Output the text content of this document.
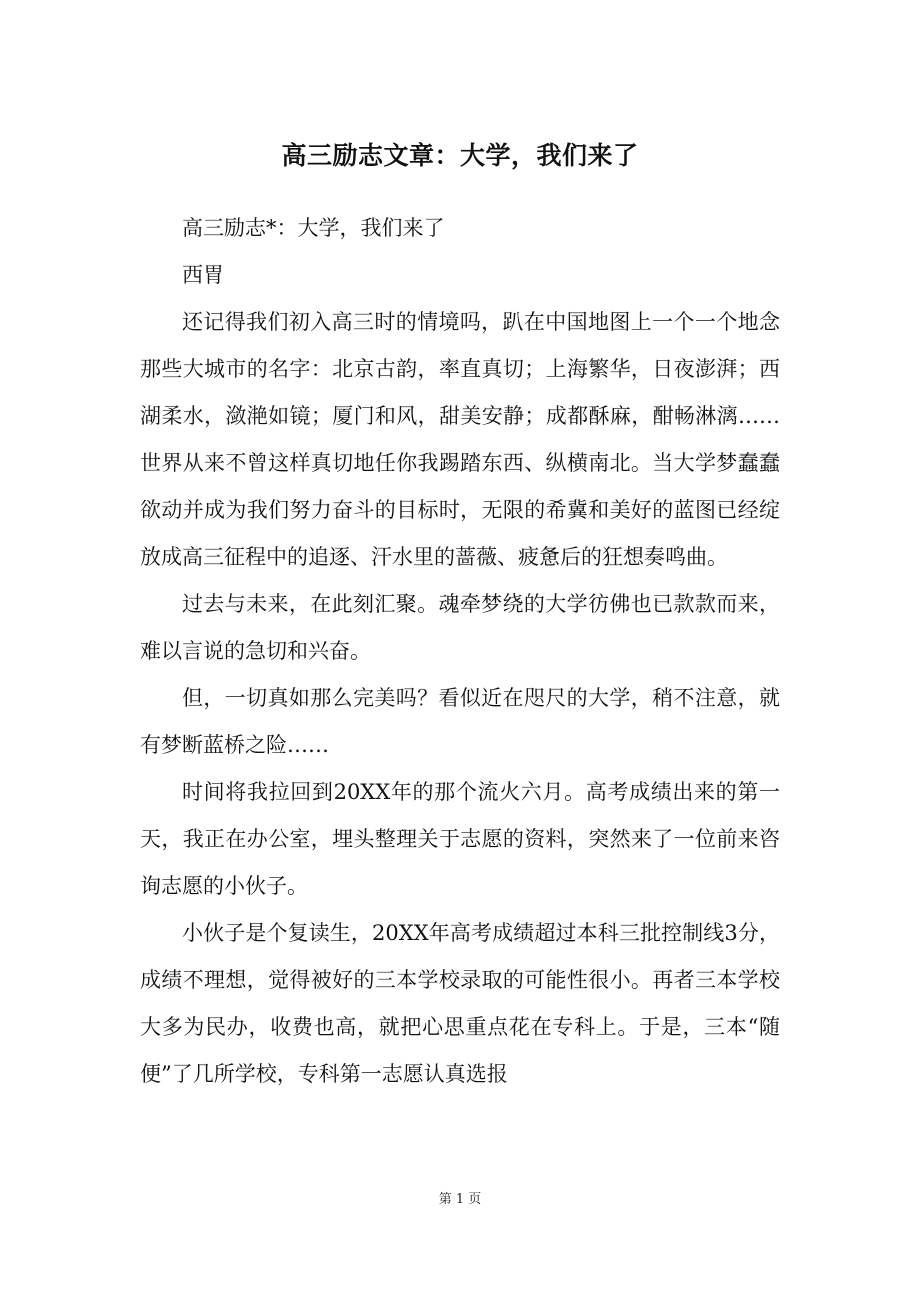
高三励志文章：大学，我们来了

高三励志*：大学，我们来了

西胃

还记得我们初入高三时的情境吗，趴在中国地图上一个一个地念那些大城市的名字：北京古韵，率直真切；上海繁华，日夜澎湃；西湖柔水，潋滟如镜；厦门和风，甜美安静；成都酥麻，酣畅淋漓……世界从来不曾这样真切地任你我踢踏东西、纵横南北。当大学梦蠢蠢欲动并成为我们努力奋斗的目标时，无限的希冀和美好的蓝图已经绽放成高三征程中的追逐、汗水里的蔷薇、疲惫后的狂想奏鸣曲。

过去与未来，在此刻汇聚。魂牵梦绕的大学彷佛也已款款而来，难以言说的急切和兴奋。

但，一切真如那么完美吗？看似近在咫尺的大学，稍不注意，就有梦断蓝桥之险……

时间将我拉回到20XX年的那个流火六月。高考成绩出来的第一天，我正在办公室，埋头整理关于志愿的资料，突然来了一位前来咨询志愿的小伙子。

小伙子是个复读生，20XX年高考成绩超过本科三批控制线3分，成绩不理想，觉得被好的三本学校录取的可能性很小。再者三本学校大多为民办，收费也高，就把心思重点花在专科上。于是，三本“随便”了几所学校，专科第一志愿认真选报

第 1 页
